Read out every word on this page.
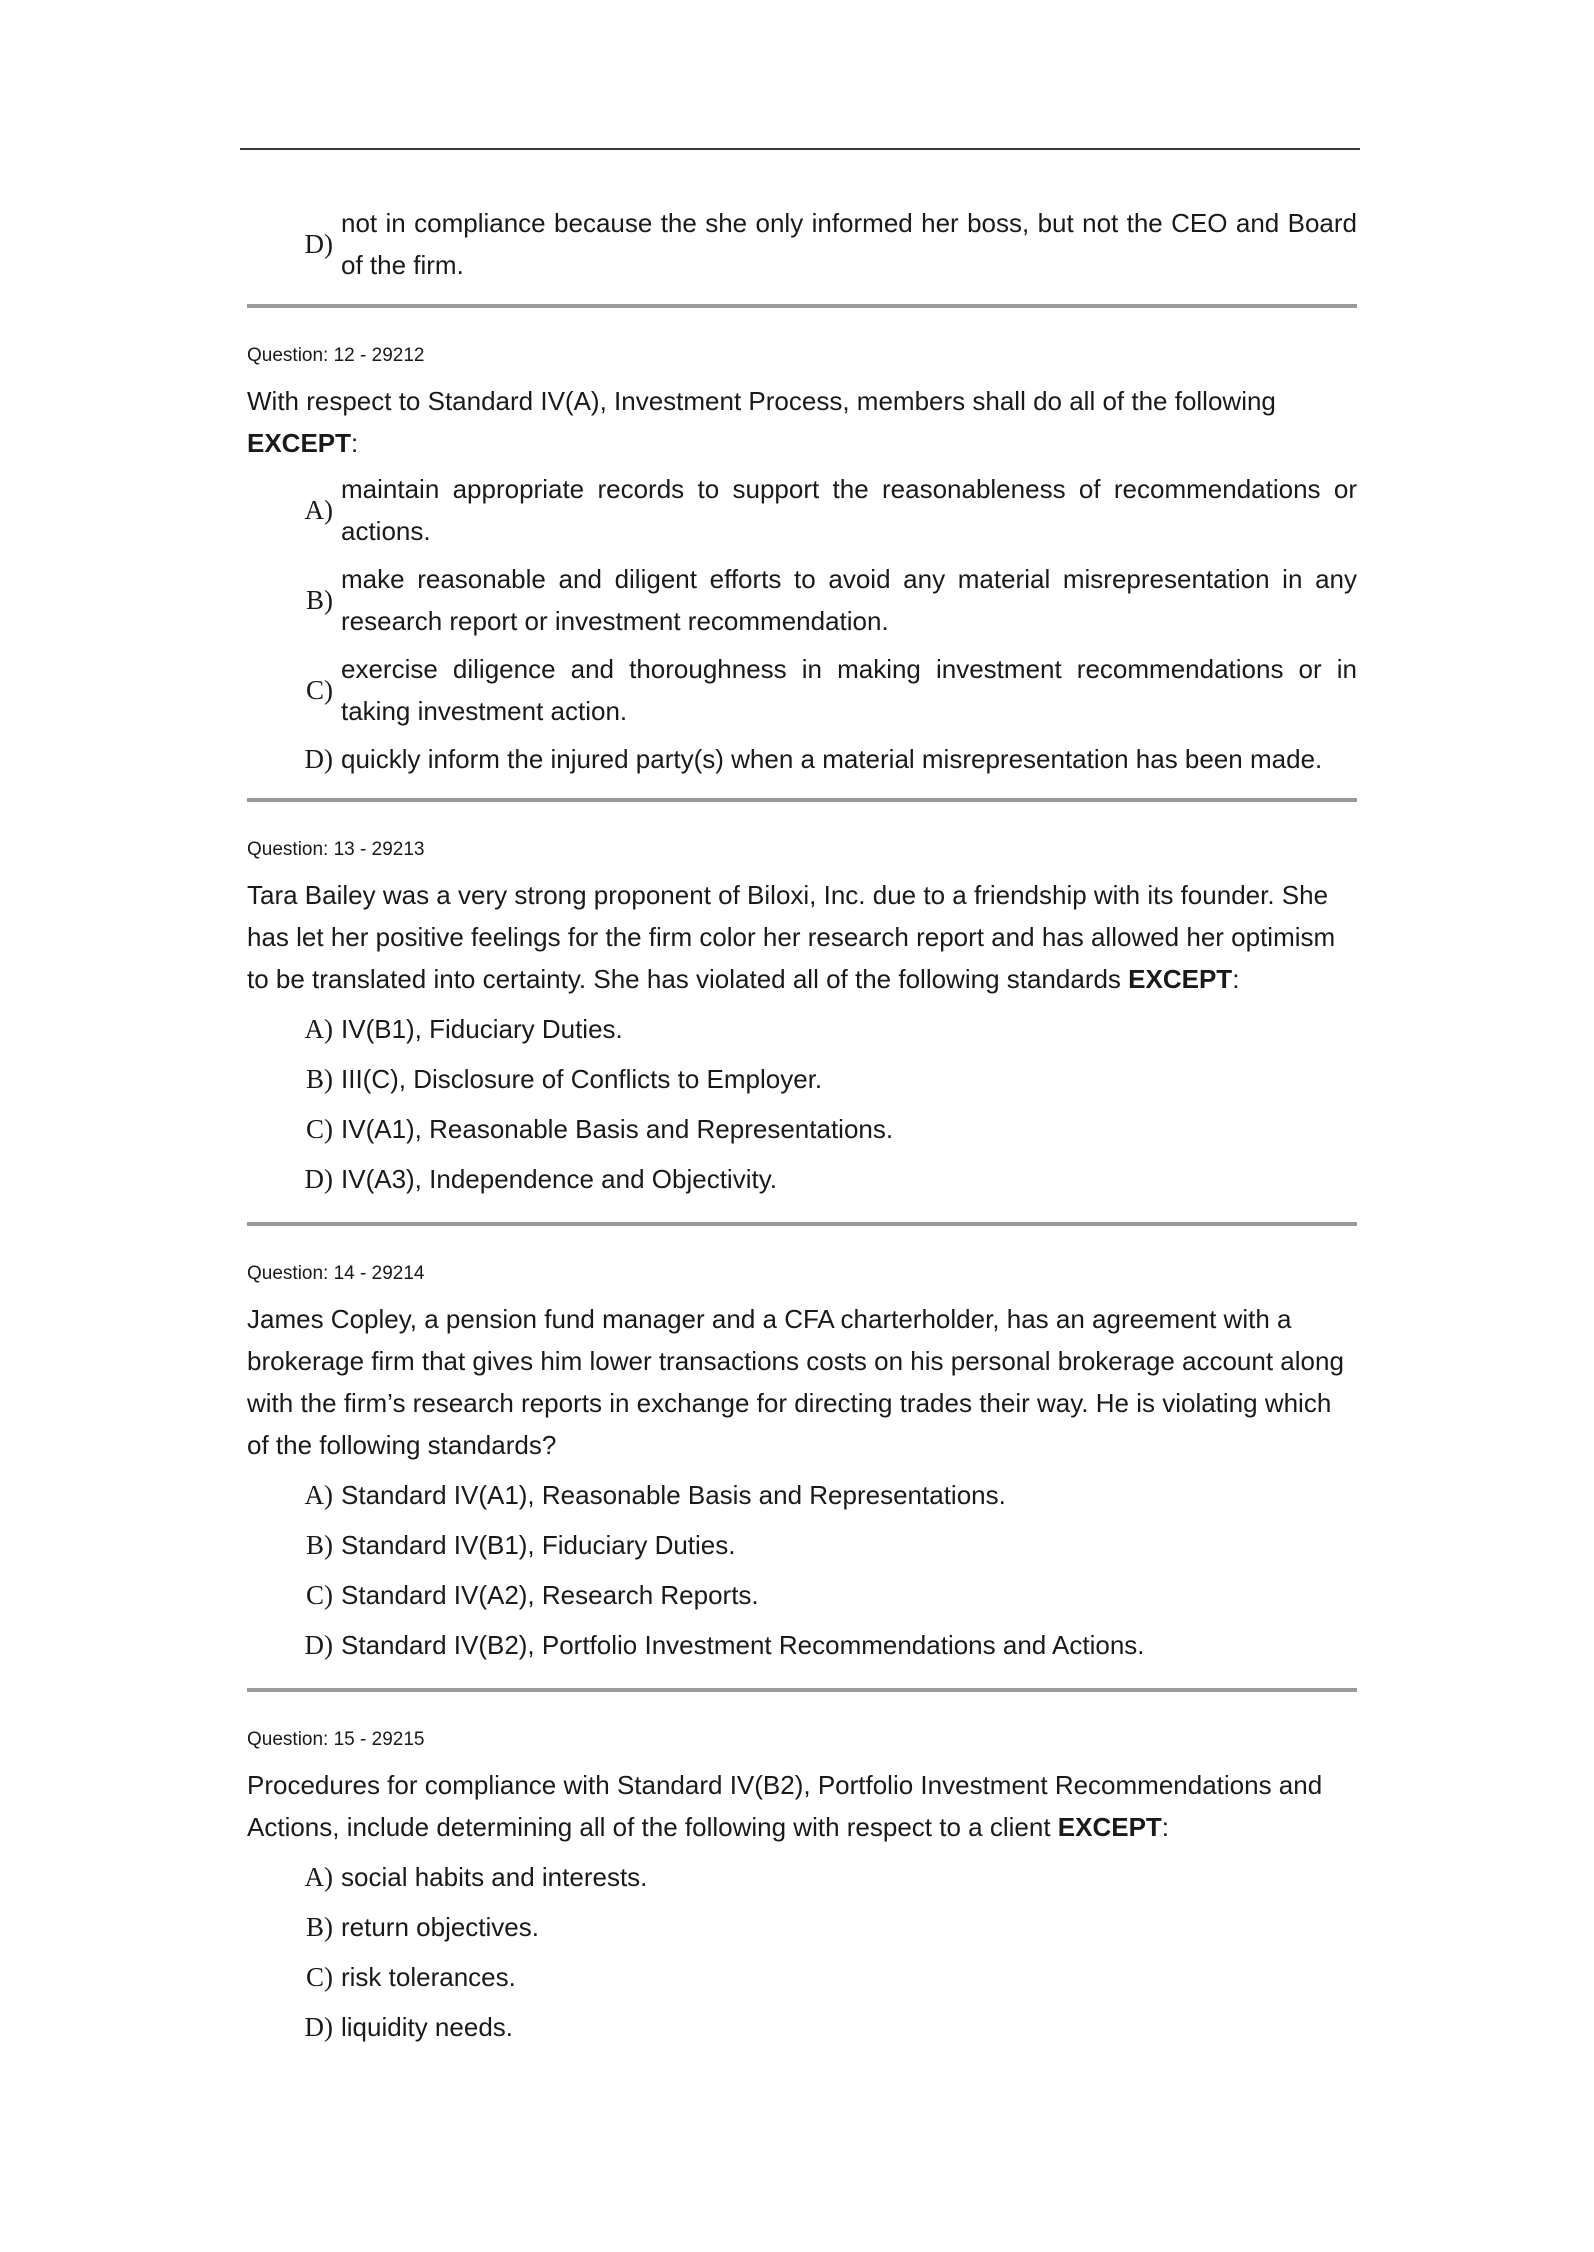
D)
not in compliance because the she only informed her boss, but not the CEO and Board of the firm.
Question: 12 - 29212
With respect to Standard IV(A), Investment Process, members shall do all of the following EXCEPT:
A)
maintain appropriate records to support the reasonableness of recommendations or actions.
B)
make reasonable and diligent efforts to avoid any material misrepresentation in any research report or investment recommendation.
C)
exercise diligence and thoroughness in making investment recommendations or in taking investment action.
D) quickly inform the injured party(s) when a material misrepresentation has been made.
Question: 13 - 29213
Tara Bailey was a very strong proponent of Biloxi, Inc. due to a friendship with its founder. She has let her positive feelings for the firm color her research report and has allowed her optimism to be translated into certainty. She has violated all of the following standards EXCEPT:
A) IV(B1), Fiduciary Duties.
B) III(C), Disclosure of Conflicts to Employer.
C) IV(A1), Reasonable Basis and Representations.
D) IV(A3), Independence and Objectivity.
Question: 14 - 29214
James Copley, a pension fund manager and a CFA charterholder, has an agreement with a brokerage firm that gives him lower transactions costs on his personal brokerage account along with the firm’s research reports in exchange for directing trades their way. He is violating which of the following standards?
A) Standard IV(A1), Reasonable Basis and Representations.
B) Standard IV(B1), Fiduciary Duties.
C) Standard IV(A2), Research Reports.
D) Standard IV(B2), Portfolio Investment Recommendations and Actions.
Question: 15 - 29215
Procedures for compliance with Standard IV(B2), Portfolio Investment Recommendations and Actions, include determining all of the following with respect to a client EXCEPT:
A) social habits and interests.
B) return objectives.
C) risk tolerances.
D) liquidity needs.
